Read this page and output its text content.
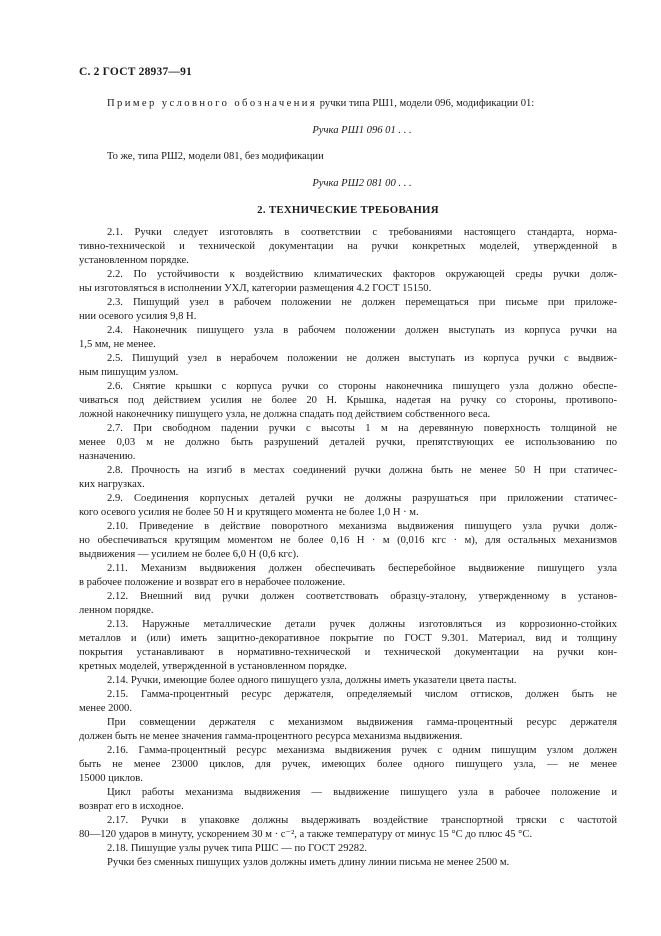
С. 2 ГОСТ 28937—91
Пример условного обозначения ручки типа РШ1, модели 096, модификации 01:
Ручка РШ1 096 01 . . .
То же, типа РШ2, модели 081, без модификации
Ручка РШ2 081 00 . . .
2. ТЕХНИЧЕСКИЕ ТРЕБОВАНИЯ
2.1. Ручки следует изготовлять в соответствии с требованиями настоящего стандарта, норма-
тивно-технической и технической документации на ручки конкретных моделей, утвержденной в
установленном порядке.
2.2. По устойчивости к воздействию климатических факторов окружающей среды ручки долж-
ны изготовляться в исполнении УХЛ, категории размещения 4.2 ГОСТ 15150.
2.3. Пишущий узел в рабочем положении не должен перемещаться при письме при приложе-
нии осевого усилия 9,8 Н.
2.4. Наконечник пишущего узла в рабочем положении должен выступать из корпуса ручки на
1,5 мм, не менее.
2.5. Пишущий узел в нерабочем положении не должен выступать из корпуса ручки с выдвиж-
ным пишущим узлом.
2.6. Снятие крышки с корпуса ручки со стороны наконечника пишущего узла должно обеспе-
чиваться под действием усилия не более 20 Н. Крышка, надетая на ручку со стороны, противопо-
ложной наконечнику пишущего узла, не должна спадать под действием собственного веса.
2.7. При свободном падении ручки с высоты 1 м на деревянную поверхность толщиной не
менее 0,03 м не должно быть разрушений деталей ручки, препятствующих ее использованию по
назначению.
2.8. Прочность на изгиб в местах соединений ручки должна быть не менее 50 Н при статичес-
ких нагрузках.
2.9. Соединения корпусных деталей ручки не должны разрушаться при приложении статичес-
кого осевого усилия не более 50 Н и крутящего момента не более 1,0 Н · м.
2.10. Приведение в действие поворотного механизма выдвижения пишущего узла ручки долж-
но обеспечиваться крутящим моментом не более 0,16 Н · м (0,016 кгс · м), для остальных механизмов
выдвижения — усилием не более 6,0 Н (0,6 кгс).
2.11. Механизм выдвижения должен обеспечивать бесперебойное выдвижение пишущего узла
в рабочее положение и возврат его в нерабочее положение.
2.12. Внешний вид ручки должен соответствовать образцу-эталону, утвержденному в установ-
ленном порядке.
2.13. Наружные металлические детали ручек должны изготовляться из коррозионно-стойких
металлов и (или) иметь защитно-декоративное покрытие по ГОСТ 9.301. Материал, вид и толщину
покрытия устанавливают в нормативно-технической и технической документации на ручки кон-
кретных моделей, утвержденной в установленном порядке.
2.14. Ручки, имеющие более одного пишущего узла, должны иметь указатели цвета пасты.
2.15. Гамма-процентный ресурс держателя, определяемый числом оттисков, должен быть не
менее 2000.
При совмещении держателя с механизмом выдвижения гамма-процентный ресурс держателя
должен быть не менее значения гамма-процентного ресурса механизма выдвижения.
2.16. Гамма-процентный ресурс механизма выдвижения ручек с одним пишущим узлом должен
быть не менее 23000 циклов, для ручек, имеющих более одного пишущего узла, — не менее
15000 циклов.
Цикл работы механизма выдвижения — выдвижение пишущего узла в рабочее положение и
возврат его в исходное.
2.17. Ручки в упаковке должны выдерживать воздействие транспортной тряски с частотой
80—120 ударов в минуту, ускорением 30 м · с⁻², а также температуру от минус 15 °С до плюс 45 °С.
2.18. Пишущие узлы ручек типа РШС — по ГОСТ 29282.
Ручки без сменных пишущих узлов должны иметь длину линии письма не менее 2500 м.
